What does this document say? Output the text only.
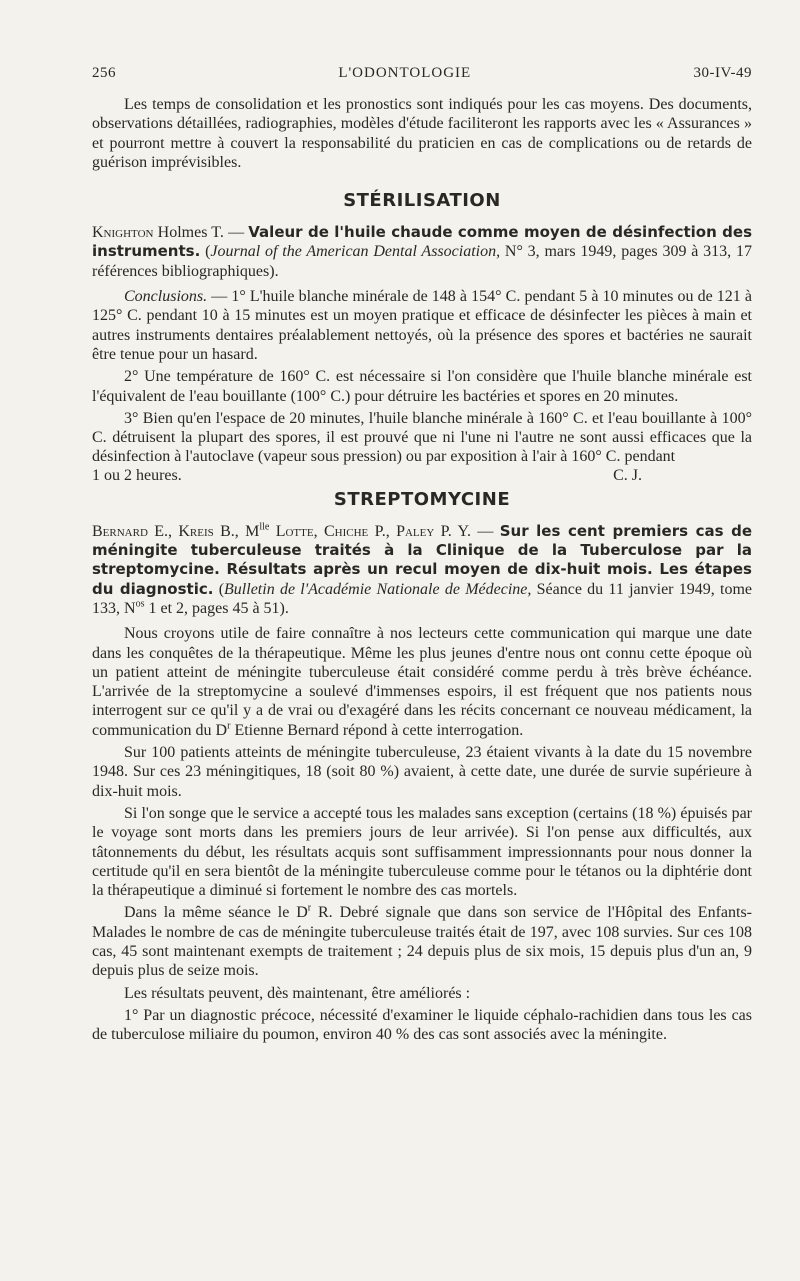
256	L'ODONTOLOGIE	30-IV-49

Les temps de consolidation et les pronostics sont indiqués pour les cas moyens. Des documents, observations détaillées, radiographies, modèles d'étude faciliteront les rapports avec les « Assurances » et pourront mettre à couvert la responsabilité du praticien en cas de complications ou de retards de guérison imprévisibles.

STÉRILISATION

Knighton Holmes T. — Valeur de l'huile chaude comme moyen de désinfection des instruments. (Journal of the American Dental Association, N° 3, mars 1949, pages 309 à 313, 17 références bibliographiques).

Conclusions. — 1° L'huile blanche minérale de 148 à 154° C. pendant 5 à 10 minutes ou de 121 à 125° C. pendant 10 à 15 minutes est un moyen pratique et efficace de désinfecter les pièces à main et autres instruments dentaires préalablement nettoyés, où la présence des spores et bactéries ne saurait être tenue pour un hasard.

2° Une température de 160° C. est nécessaire si l'on considère que l'huile blanche minérale est l'équivalent de l'eau bouillante (100° C.) pour détruire les bactéries et spores en 20 minutes.

3° Bien qu'en l'espace de 20 minutes, l'huile blanche minérale à 160° C. et l'eau bouillante à 100° C. détruisent la plupart des spores, il est prouvé que ni l'une ni l'autre ne sont aussi efficaces que la désinfection à l'autoclave (vapeur sous pression) ou par exposition à l'air à 160° C. pendant

1 ou 2 heures.	C. J.
STREPTOMYCINE

Bernard E., Kreis B., $M^{lle}$ Lotte, Chiche P., Paley P. Y. — Sur les cent premiers cas de méningite tuberculeuse traités à la Clinique de la Tuberculose par la streptomycine. Résultats après un recul moyen de dix-huit mois. Les étapes du diagnostic. (Bulletin de l'Académie Nationale de Médecine, Séance du 11 janvier 1949, tome 133, $N^{os}$ 1 et 2, pages 45 à 51).

Nous croyons utile de faire connaître à nos lecteurs cette communication qui marque une date dans les conquêtes de la thérapeutique. Même les plus jeunes d'entre nous ont connu cette époque où un patient atteint de méningite tuberculeuse était considéré comme perdu à très brève échéance. L'arrivée de la streptomycine a soulevé d'immenses espoirs, il est fréquent que nos patients nous interrogent sur ce qu'il y a de vrai ou d'exagéré dans les récits concernant ce nouveau médicament, la communication du $D^r$ Etienne Bernard répond à cette interrogation.

Sur 100 patients atteints de méningite tuberculeuse, 23 étaient vivants à la date du 15 novembre 1948. Sur ces 23 méningitiques, 18 (soit 80 %) avaient, à cette date, une durée de survie supérieure à dix-huit mois.

Si l'on songe que le service a accepté tous les malades sans exception (certains (18 %) épuisés par le voyage sont morts dans les premiers jours de leur arrivée). Si l'on pense aux difficultés, aux tâtonnements du début, les résultats acquis sont suffisamment impressionnants pour nous donner la certitude qu'il en sera bientôt de la méningite tuberculeuse comme pour le tétanos ou la diphtérie dont la thérapeutique a diminué si fortement le nombre des cas mortels.

Dans la même séance le $D^r$ R. Debré signale que dans son service de l'Hôpital des Enfants-Malades le nombre de cas de méningite tuberculeuse traités était de 197, avec 108 survies. Sur ces 108 cas, 45 sont maintenant exempts de traitement ; 24 depuis plus de six mois, 15 depuis plus d'un an, 9 depuis plus de seize mois.

Les résultats peuvent, dès maintenant, être améliorés :

1° Par un diagnostic précoce, nécessité d'examiner le liquide céphalo-rachidien dans tous les cas de tuberculose miliaire du poumon, environ 40 % des cas sont associés avec la méningite.
